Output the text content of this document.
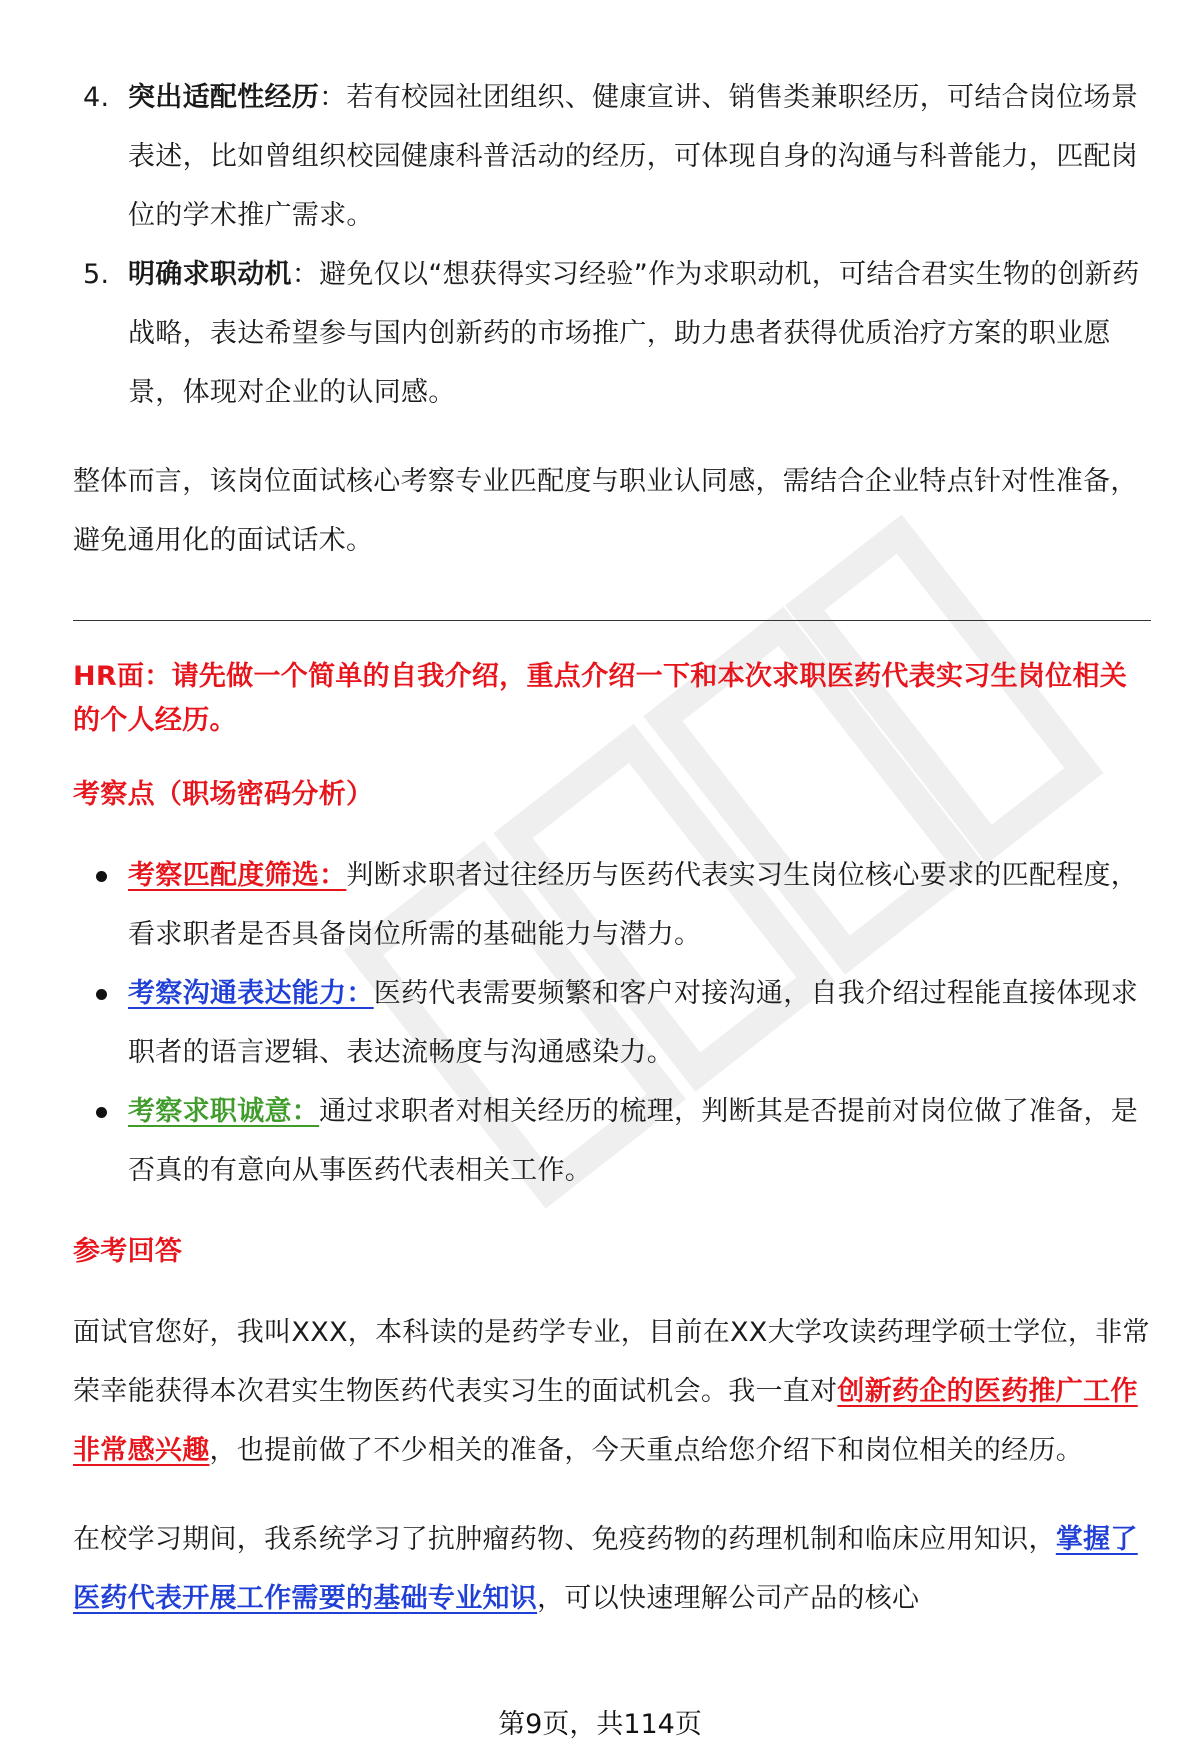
4. 突出适配性经历：若有校园社团组织、健康宣讲、销售类兼职经历，可结合岗位场景表述，比如曾组织校园健康科普活动的经历，可体现自身的沟通与科普能力，匹配岗位的学术推广需求。
5. 明确求职动机：避免仅以“想获得实习经验”作为求职动机，可结合君实生物的创新药战略，表达希望参与国内创新药的市场推广，助力患者获得优质治疗方案的职业愿景，体现对企业的认同感。

整体而言，该岗位面试核心考察专业匹配度与职业认同感，需结合企业特点针对性准备，避免通用化的面试话术。

HR面：请先做一个简单的自我介绍，重点介绍一下和本次求职医药代表实习生岗位相关的个人经历。

考察点（职场密码分析）

考察匹配度筛选：判断求职者过往经历与医药代表实习生岗位核心要求的匹配程度，看求职者是否具备岗位所需的基础能力与潜力。
考察沟通表达能力：医药代表需要频繁和客户对接沟通，自我介绍过程能直接体现求职者的语言逻辑、表达流畅度与沟通感染力。
考察求职诚意：通过求职者对相关经历的梳理，判断其是否提前对岗位做了准备，是否真的有意向从事医药代表相关工作。

参考回答

面试官您好，我叫XXX，本科读的是药学专业，目前在XX大学攻读药理学硕士学位，非常荣幸能获得本次君实生物医药代表实习生的面试机会。我一直对创新药企的医药推广工作非常感兴趣，也提前做了不少相关的准备，今天重点给您介绍下和岗位相关的经历。

在校学习期间，我系统学习了抗肿瘤药物、免疫药物的药理机制和临床应用知识，掌握了医药代表开展工作需要的基础专业知识，可以快速理解公司产品的核心

第9页，共114页
